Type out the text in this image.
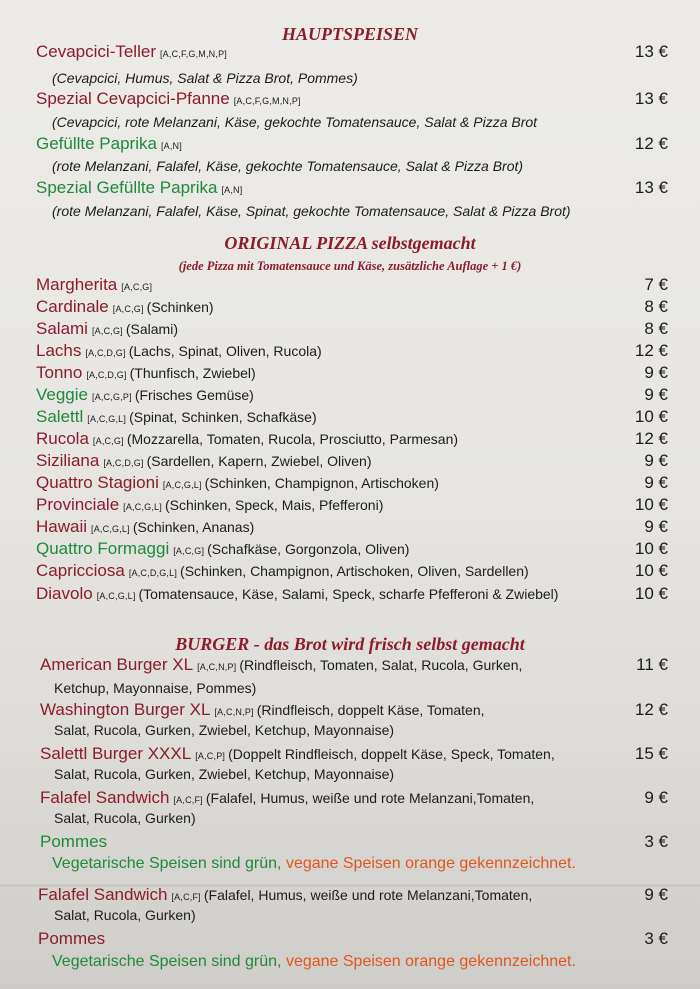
HAUPTSPEISEN
Cevapcici-Teller [A,C,F,G,M,N,P]	13 €
(Cevapcici, Humus, Salat & Pizza Brot, Pommes)
Spezial Cevapcici-Pfanne [A,C,F,G,M,N,P]	13 €
(Cevapcici, rote Melanzani, Käse, gekochte Tomatensauce, Salat & Pizza Brot
Gefüllte Paprika [A,N]	12 €
(rote Melanzani, Falafel, Käse, gekochte Tomatensauce, Salat & Pizza Brot)
Spezial Gefüllte Paprika [A,N]	13 €
(rote Melanzani, Falafel, Käse, Spinat, gekochte Tomatensauce, Salat & Pizza Brot)
ORIGINAL PIZZA selbstgemacht
(jede Pizza mit Tomatensauce und Käse, zusätzliche Auflage + 1 €)
Margherita [A,C,G]	7 €
Cardinale [A,C,G] (Schinken)	8 €
Salami [A,C,G] (Salami)	8 €
Lachs [A,C,D,G] (Lachs, Spinat, Oliven, Rucola)	12 €
Tonno [A,C,D,G] (Thunfisch, Zwiebel)	9 €
Veggie [A,C,G,P] (Frisches Gemüse)	9 €
Salettl [A,C,G,L] (Spinat, Schinken, Schafkäse)	10 €
Rucola [A,C,G] (Mozzarella, Tomaten, Rucola, Prosciutto, Parmesan)	12 €
Siziliana [A,C,D,G] (Sardellen, Kapern, Zwiebel, Oliven)	9 €
Quattro Stagioni [A,C,G,L] (Schinken, Champignon, Artischoken)	9 €
Provinciale [A,C,G,L] (Schinken, Speck, Mais, Pfefferoni)	10 €
Hawaii [A,C,G,L] (Schinken, Ananas)	9 €
Quattro Formaggi [A,C,G] (Schafkäse, Gorgonzola, Oliven)	10 €
Capricciosa [A,C,D,G,L] (Schinken, Champignon, Artischoken, Oliven, Sardellen)	10 €
Diavolo [A,C,G,L] (Tomatensauce, Käse, Salami, Speck, scharfe Pfefferoni & Zwiebel)	10 €
BURGER - das Brot wird frisch selbst gemacht
American Burger XL [A,C,N,P] (Rindfleisch, Tomaten, Salat, Rucola, Gurken,	11 €
Ketchup, Mayonnaise, Pommes)
Washington Burger XL [A,C,N,P] (Rindfleisch, doppelt Käse, Tomaten,	12 €
Salat, Rucola, Gurken, Zwiebel, Ketchup, Mayonnaise)
Salettl Burger XXXL [A,C,P] (Doppelt Rindfleisch, doppelt Käse, Speck, Tomaten,	15 €
Salat, Rucola, Gurken, Zwiebel, Ketchup, Mayonnaise)
Falafel Sandwich [A,C,F] (Falafel, Humus, weiße und rote Melanzani,Tomaten,	9 €
Salat, Rucola, Gurken)
Pommes	3 €
Vegetarische Speisen sind grün, vegane Speisen orange gekennzeichnet.
Falafel Sandwich [A,C,F] (Falafel, Humus, weiße und rote Melanzani,Tomaten,	9 €
Salat, Rucola, Gurken)
Pommes	3 €
Vegetarische Speisen sind grün, vegane Speisen orange gekennzeichnet.
